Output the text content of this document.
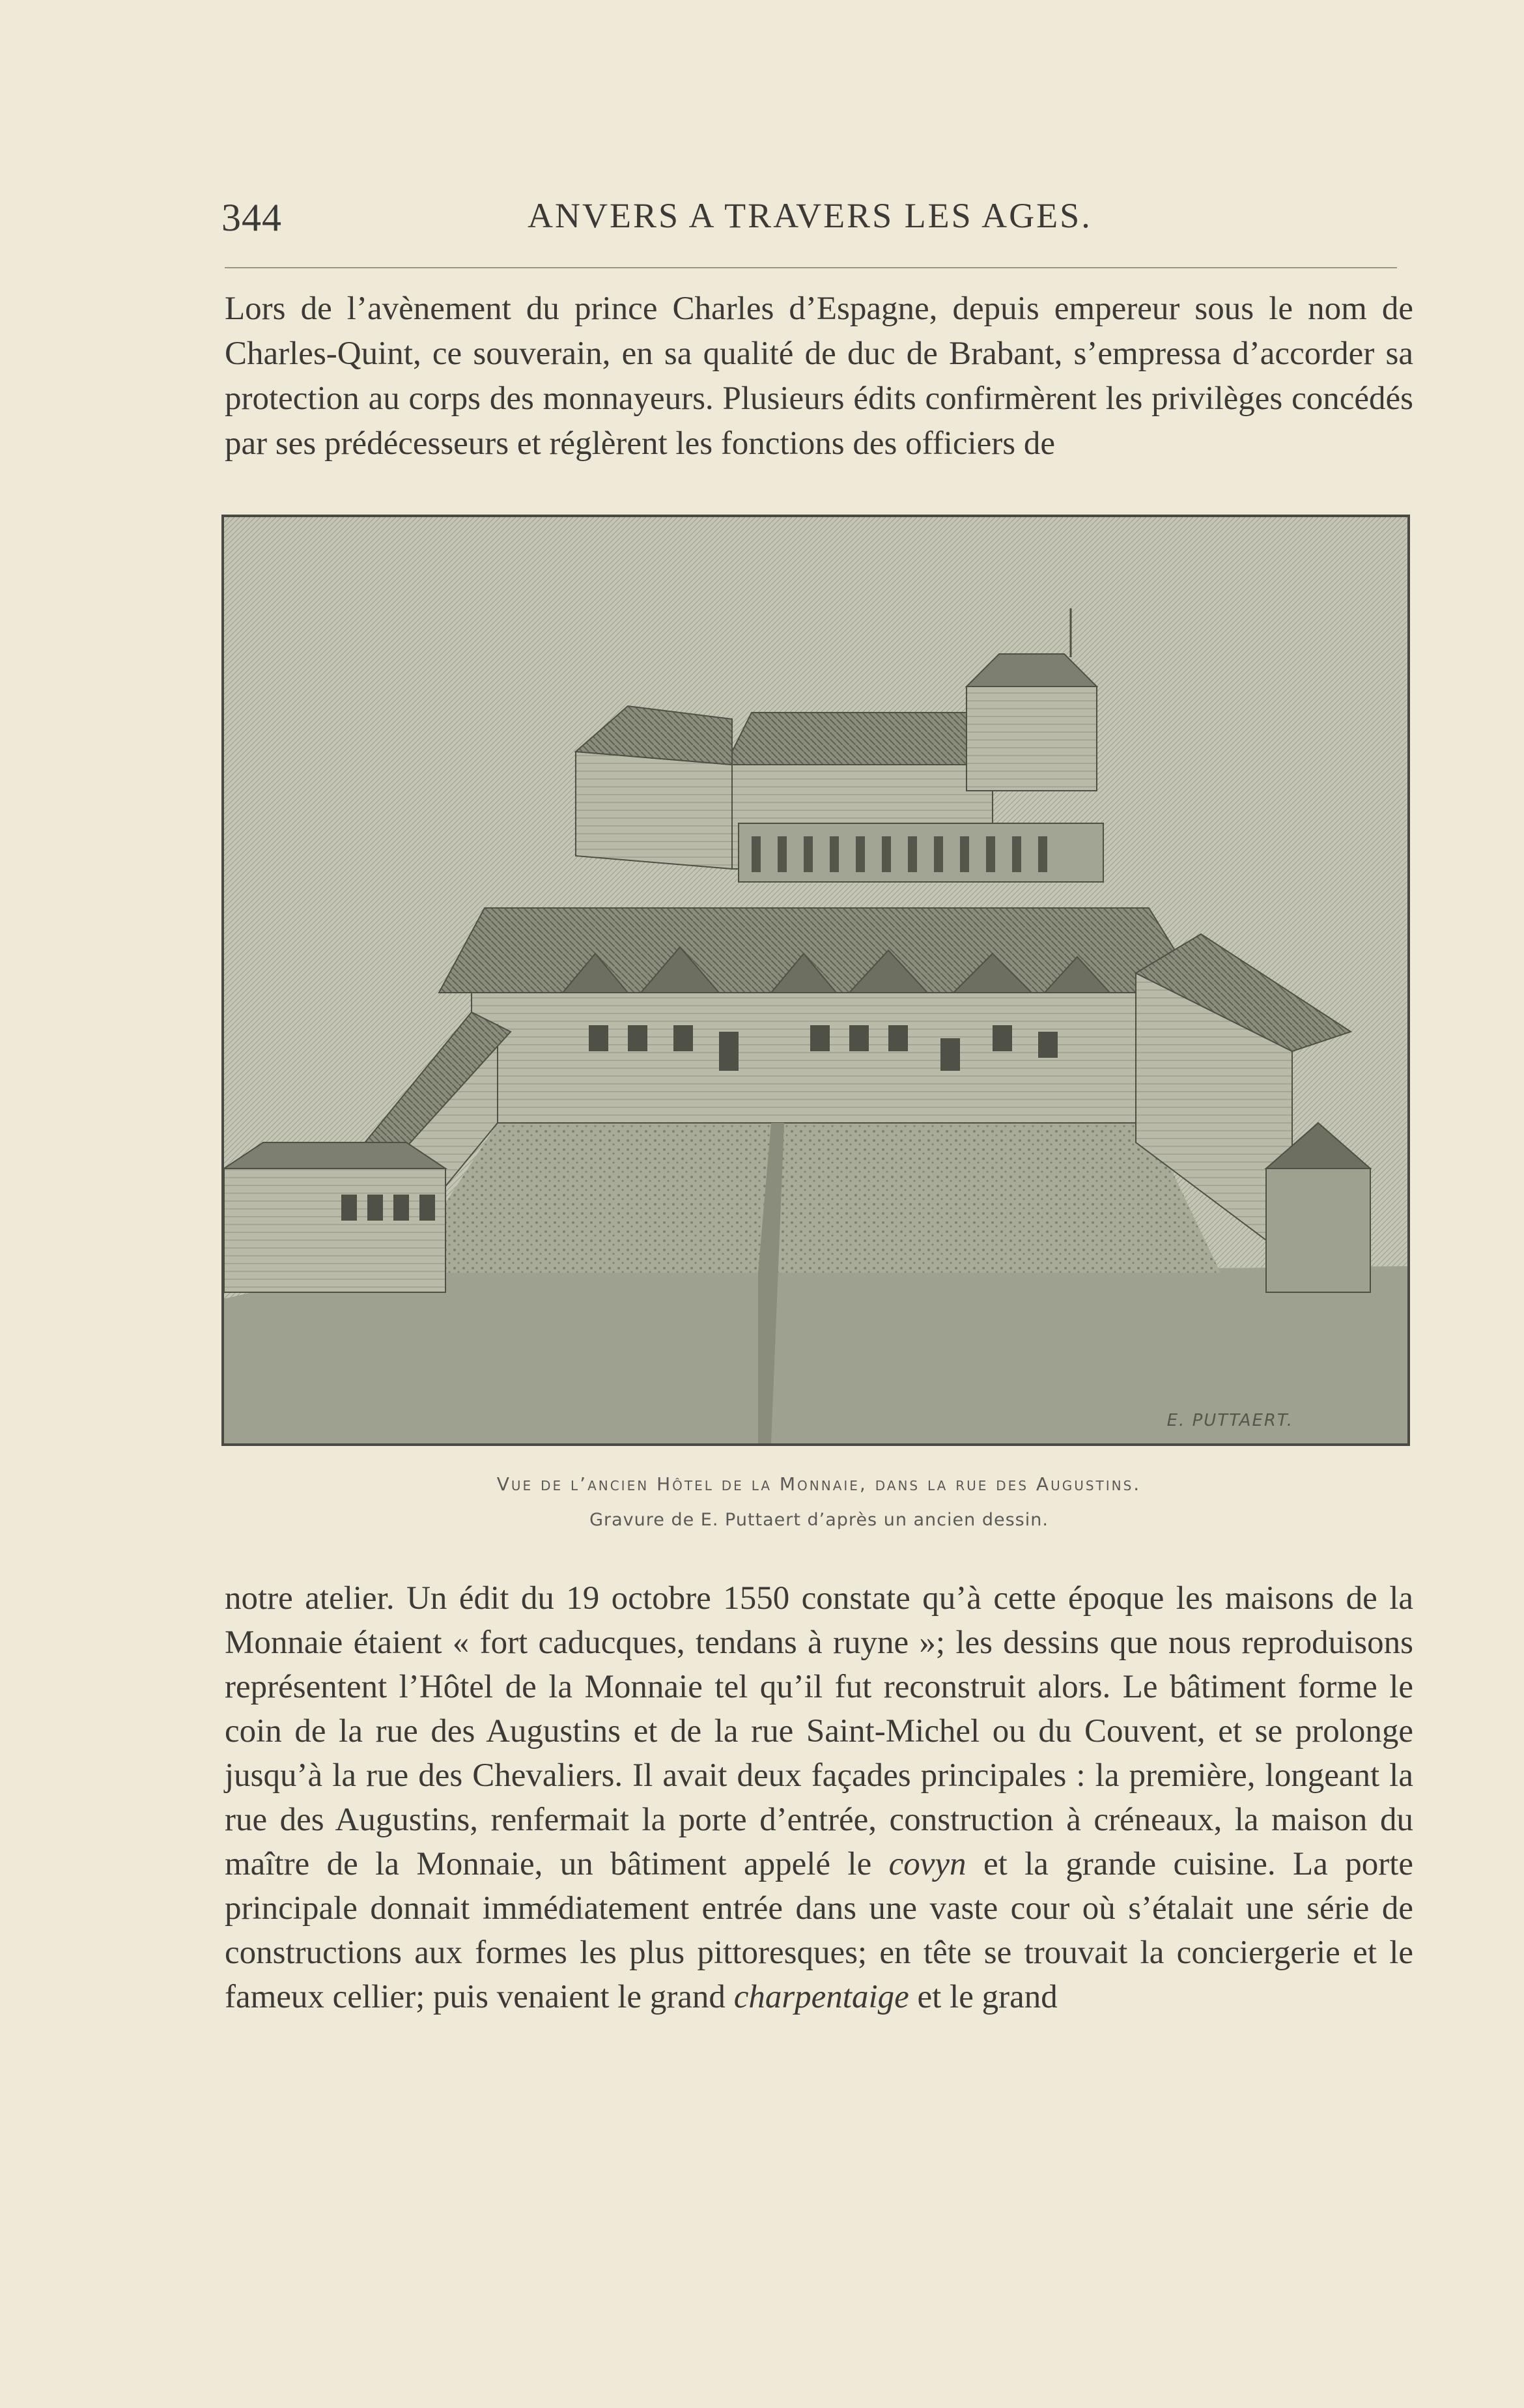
344	ANVERS A TRAVERS LES AGES.

Lors de l’avènement du prince Charles d’Espagne, depuis empereur sous le nom de Charles-Quint, ce souverain, en sa qualité de duc de Brabant, s’empressa d’accorder sa protection au corps des monnayeurs. Plusieurs édits confirmèrent les privilèges concédés par ses prédécesseurs et réglèrent les fonctions des officiers de

E. PUTTAERT.
Vue de l’ancien Hôtel de la Monnaie, dans la rue des Augustins.
Gravure de E. Puttaert d’après un ancien dessin.

notre atelier. Un édit du 19 octobre 1550 constate qu’à cette époque les maisons de la Monnaie étaient « fort caducques, tendans à ruyne »; les dessins que nous reproduisons représentent l’Hôtel de la Monnaie tel qu’il fut reconstruit alors. Le bâtiment forme le coin de la rue des Augustins et de la rue Saint-Michel ou du Couvent, et se prolonge jusqu’à la rue des Chevaliers. Il avait deux façades principales : la première, longeant la rue des Augustins, renfermait la porte d’entrée, construction à créneaux, la maison du maître de la Monnaie, un bâtiment appelé le covyn et la grande cuisine. La porte principale donnait immédiatement entrée dans une vaste cour où s’étalait une série de constructions aux formes les plus pittoresques; en tête se trouvait la conciergerie et le fameux cellier; puis venaient le grand charpentaige et le grand
